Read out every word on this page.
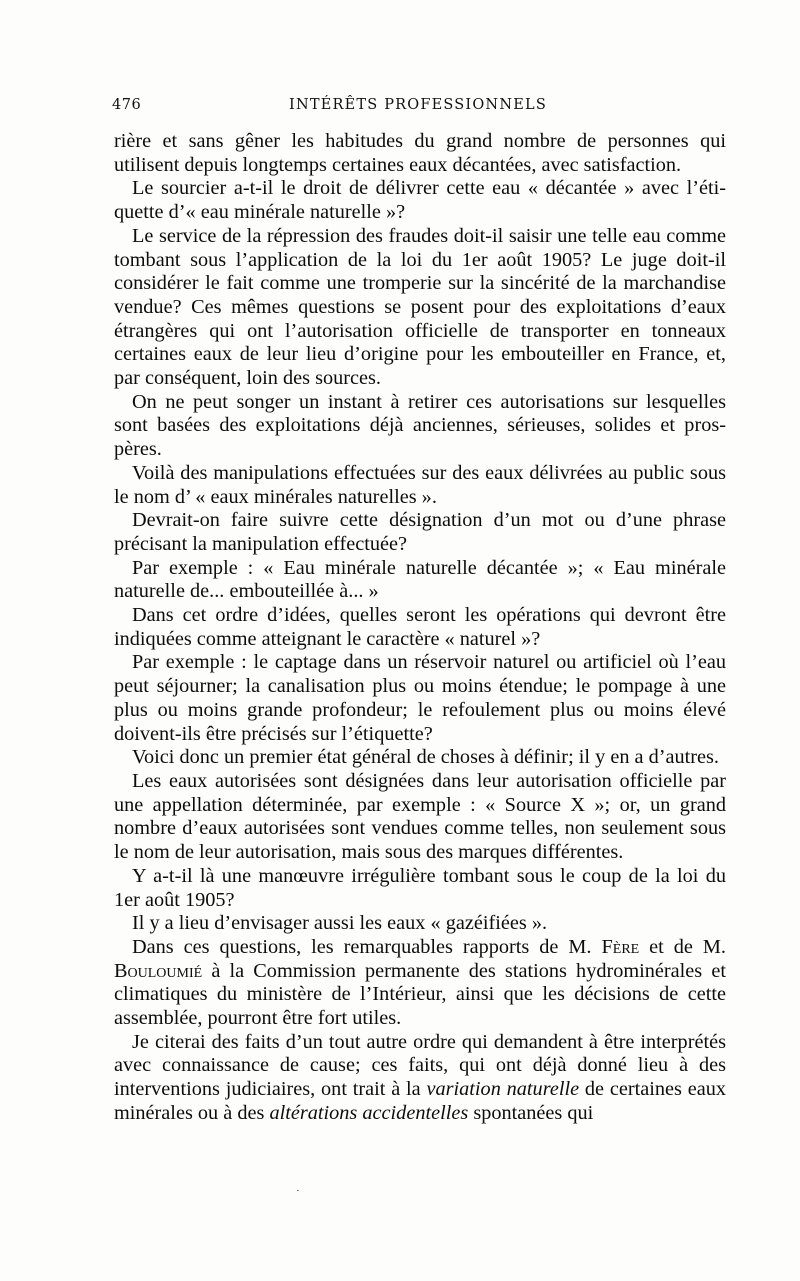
476	INTÉRÊTS PROFESSIONNELS

rière et sans gêner les habitudes du grand nombre de personnes qui utilisent depuis longtemps certaines eaux décantées, avec satisfaction.

Le sourcier a-t-il le droit de délivrer cette eau « décantée » avec l’étiquette d’« eau minérale naturelle »?

Le service de la répression des fraudes doit-il saisir une telle eau comme tombant sous l’application de la loi du 1er août 1905? Le juge doit-il considérer le fait comme une tromperie sur la sincérité de la marchandise vendue? Ces mêmes questions se posent pour des exploitations d’eaux étrangères qui ont l’autorisation officielle de transporter en tonneaux certaines eaux de leur lieu d’origine pour les embouteiller en France, et, par conséquent, loin des sources.

On ne peut songer un instant à retirer ces autorisations sur lesquelles sont basées des exploitations déjà anciennes, sérieuses, solides et prospères.

Voilà des manipulations effectuées sur des eaux délivrées au public sous le nom d’ « eaux minérales naturelles ».

Devrait-on faire suivre cette désignation d’un mot ou d’une phrase précisant la manipulation effectuée?

Par exemple : « Eau minérale naturelle décantée »; « Eau minérale naturelle de... embouteillée à... »

Dans cet ordre d’idées, quelles seront les opérations qui devront être indiquées comme atteignant le caractère « naturel »?

Par exemple : le captage dans un réservoir naturel ou artificiel où l’eau peut séjourner; la canalisation plus ou moins étendue; le pompage à une plus ou moins grande profondeur; le refoulement plus ou moins élevé doivent-ils être précisés sur l’étiquette?

Voici donc un premier état général de choses à définir; il y en a d’autres.

Les eaux autorisées sont désignées dans leur autorisation officielle par une appellation déterminée, par exemple : « Source X »; or, un grand nombre d’eaux autorisées sont vendues comme telles, non seulement sous le nom de leur autorisation, mais sous des marques différentes.

Y a-t-il là une manœuvre irrégulière tombant sous le coup de la loi du 1er août 1905?

Il y a lieu d’envisager aussi les eaux « gazéifiées ».

Dans ces questions, les remarquables rapports de M. Fère et de M. Bouloumié à la Commission permanente des stations hydrominérales et climatiques du ministère de l’Intérieur, ainsi que les décisions de cette assemblée, pourront être fort utiles.

Je citerai des faits d’un tout autre ordre qui demandent à être interprétés avec connaissance de cause; ces faits, qui ont déjà donné lieu à des interventions judiciaires, ont trait à la variation naturelle de certaines eaux minérales ou à des altérations accidentelles spontanées qui

·
